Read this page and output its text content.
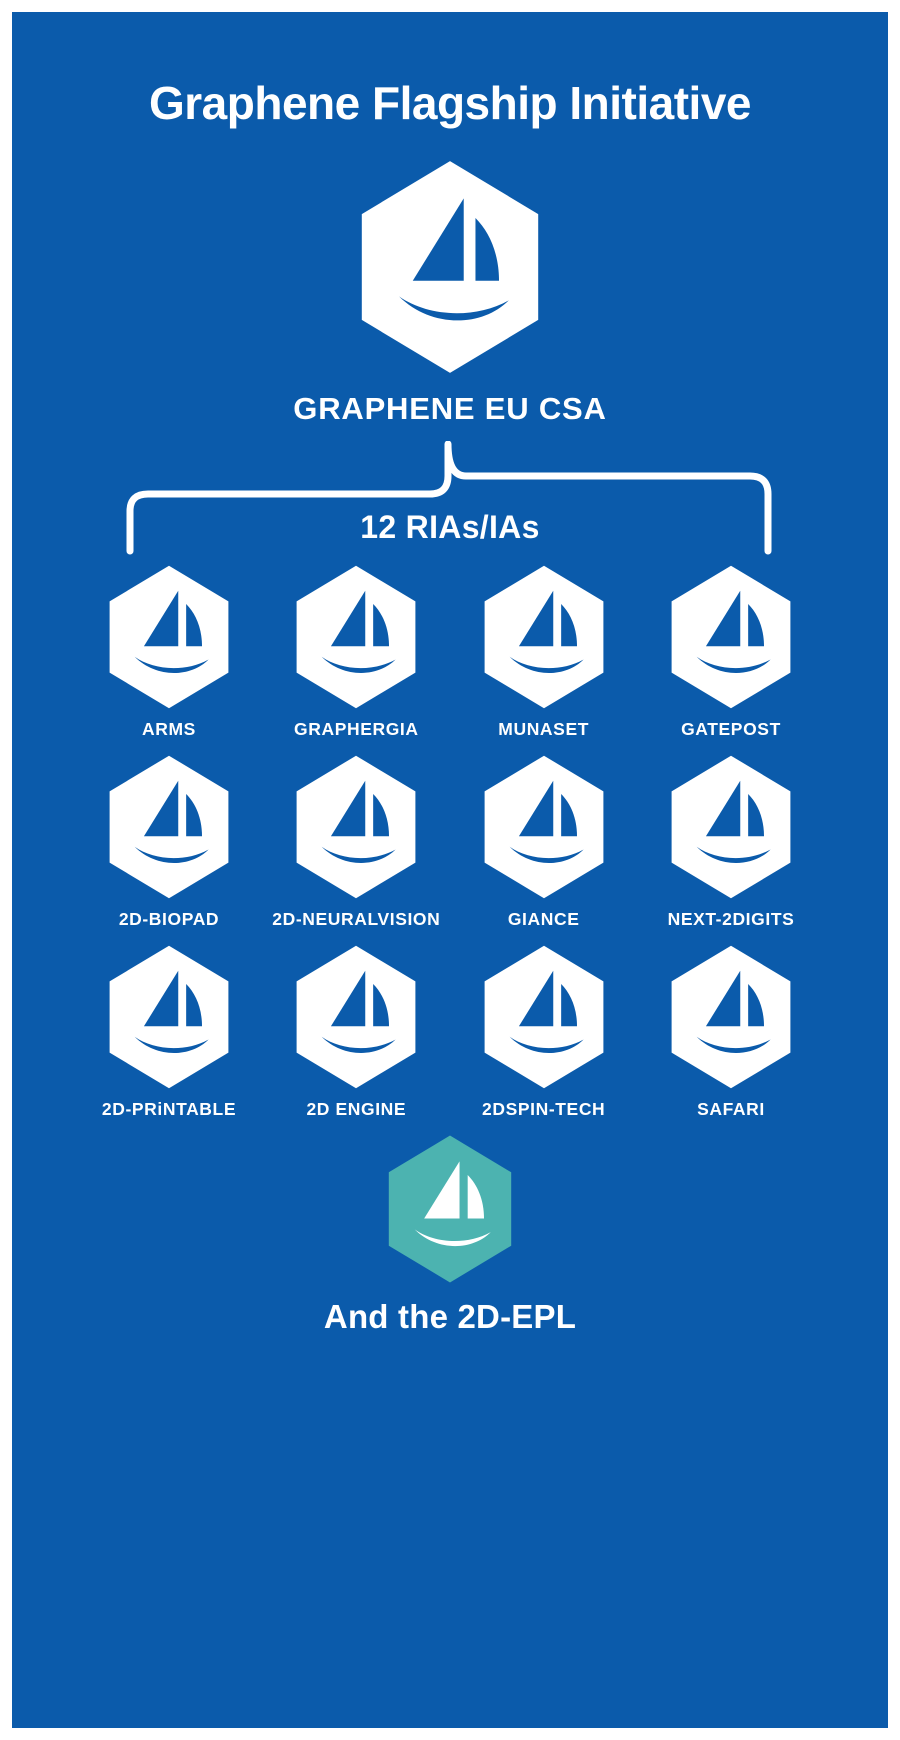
Graphene Flagship Initiative
GRAPHENE EU CSA
12 RIAs/IAs
ARMS	GRAPHERGIA	MUNASET	GATEPOST
2D-BIOPAD	2D-NEURALVISION	GIANCE	NEXT-2DIGITS
2D-PRiNTABLE	2D ENGINE	2DSPIN-TECH	SAFARI
And the 2D-EPL
